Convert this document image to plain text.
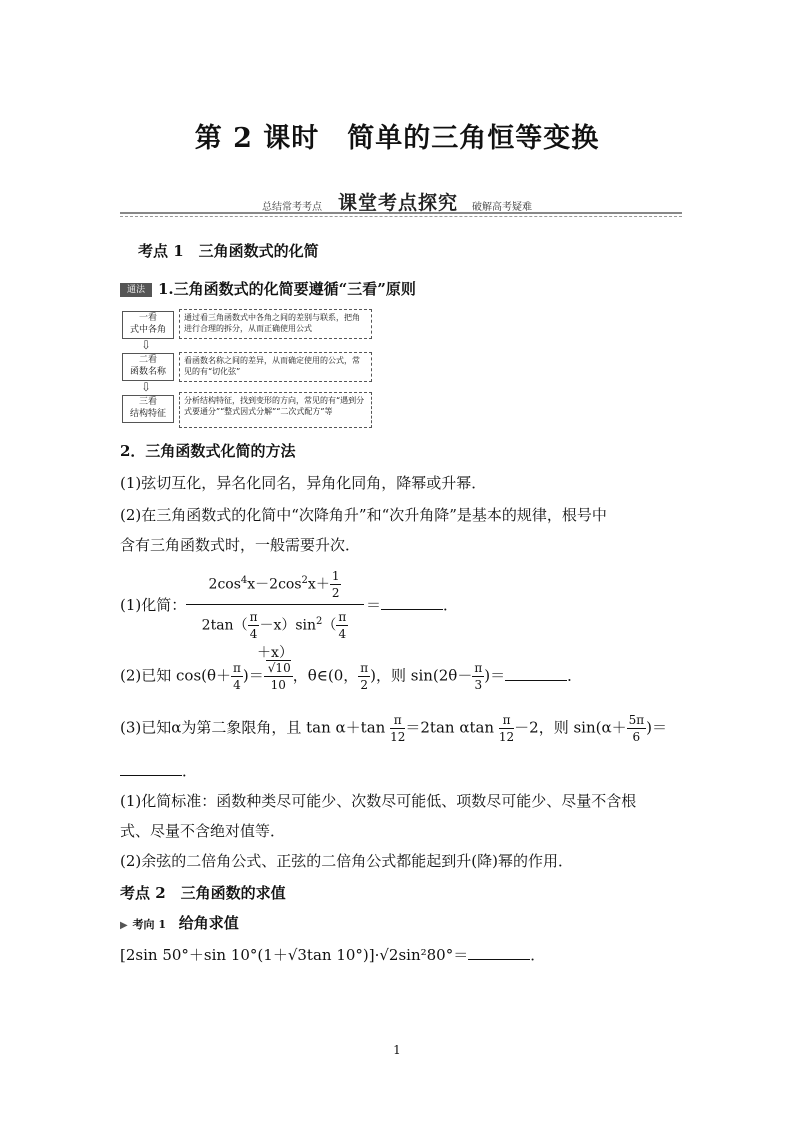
第 2 课时　简单的三角恒等变换
总结常考考点 课堂考点探究 破解高考疑难
考点 1　三角函数式的化简
通法 1.三角函数式的化简要遵循“三看”原则
一看
式中各角
⇩
二看
函数名称
⇩
三看
结构特征
通过看三角函数式中各角之间的差别与联系，把角进行合理的拆分，从而正确使用公式
看函数名称之间的差异，从而确定使用的公式，常见的有“切化弦”
分析结构特征，找到变形的方向，常见的有“遇到分式要通分”“整式因式分解”“二次式配方”等
2．三角函数式化简的方法
(1)弦切互化，异名化同名，异角化同角，降幂或升幂．
(2)在三角函数式的化简中“次降角升”和“次升角降”是基本的规律，根号中
含有三角函数式时，一般需要升次．
(1)化简：
$2\cos^4x-2\cos^2x+ \frac{1}{2}$
$2\tan( \frac{\pi}{4} -x)\sin^2( \frac{\pi}{4}$
＋x）
＝	．
(2)已知 $\cos(\theta+ \frac{\pi}{4}$ )＝ $\frac{√10}{10}$ ，θ∈(0， $\frac{\pi}{2}$ )，则 $\sin(2\theta- \frac{\pi}{3}$ )＝	．
(3)已知α为第二象限角，且 $\tan \alpha+\tan \frac{\pi}{12} =2\tan$ αtan $\frac{\pi}{12} -2$，则 $\sin(\alpha+ \frac{5\pi}{6}$ )＝
．
(1)化简标准：函数种类尽可能少、次数尽可能低、项数尽可能少、尽量不含根
式、尽量不含绝对值等．
(2)余弦的二倍角公式、正弦的二倍角公式都能起到升(降)幂的作用．
考点 2　三角函数的求值
▶ 考向 1 给角求值
[2sin 50°＋sin 10°(1＋√3tan 10°)]·√2sin²80°＝	．
1
